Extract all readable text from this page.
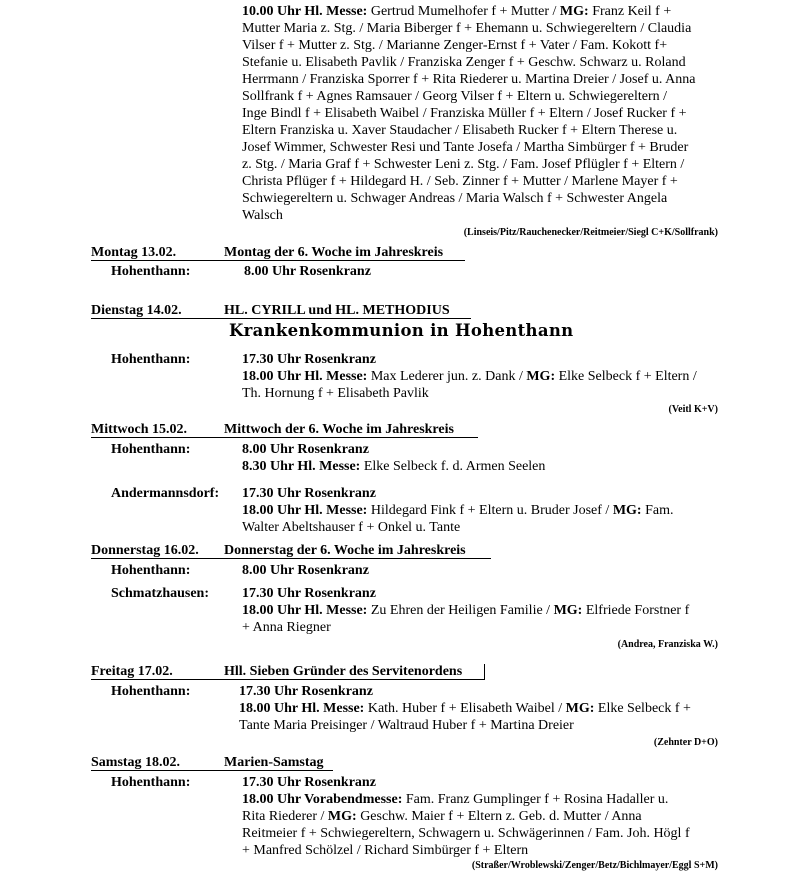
10.00 Uhr Hl. Messe: Gertrud Mumelhofer f + Mutter / MG: Franz Keil f +
Mutter Maria z. Stg. / Maria Biberger f + Ehemann u. Schwiegereltern / Claudia
Vilser f + Mutter z. Stg. / Marianne Zenger-Ernst f + Vater / Fam. Kokott f+
Stefanie u. Elisabeth Pavlik / Franziska Zenger f + Geschw. Schwarz u. Roland
Herrmann / Franziska Sporrer f + Rita Riederer u. Martina Dreier / Josef u. Anna
Sollfrank f + Agnes Ramsauer / Georg Vilser f + Eltern u. Schwiegereltern /
Inge Bindl f + Elisabeth Waibel / Franziska Müller f + Eltern / Josef Rucker f +
Eltern Franziska u. Xaver Staudacher / Elisabeth Rucker f + Eltern Therese u.
Josef Wimmer, Schwester Resi und Tante Josefa / Martha Simbürger f + Bruder
z. Stg. / Maria Graf f + Schwester Leni z. Stg. / Fam. Josef Pflügler f + Eltern /
Christa Pflüger f + Hildegard H. / Seb. Zinner f + Mutter / Marlene Mayer f +
Schwiegereltern u. Schwager Andreas / Maria Walsch f + Schwester Angela
Walsch
(Linseis/Pitz/Rauchenecker/Reitmeier/Siegl C+K/Sollfrank)
Montag 13.02.	Montag der 6. Woche im Jahreskreis
Hohenthann:	8.00 Uhr Rosenkranz
Dienstag 14.02.	HL. CYRILL und HL. METHODIUS
Krankenkommunion in Hohenthann
Hohenthann:	17.30 Uhr Rosenkranz
18.00 Uhr Hl. Messe: Max Lederer jun. z. Dank / MG: Elke Selbeck f + Eltern /
Th. Hornung f + Elisabeth Pavlik
(Veitl K+V)
Mittwoch 15.02.	Mittwoch der 6. Woche im Jahreskreis
Hohenthann:	8.00 Uhr Rosenkranz
8.30 Uhr Hl. Messe: Elke Selbeck f. d. Armen Seelen
Andermannsdorf: 17.30 Uhr Rosenkranz
18.00 Uhr Hl. Messe: Hildegard Fink f + Eltern u. Bruder Josef / MG: Fam.
Walter Abeltshauser f + Onkel u. Tante
Donnerstag 16.02. Donnerstag der 6. Woche im Jahreskreis
Hohenthann:	8.00 Uhr Rosenkranz
Schmatzhausen: 17.30 Uhr Rosenkranz
18.00 Uhr Hl. Messe: Zu Ehren der Heiligen Familie / MG: Elfriede Forstner f
+ Anna Riegner
(Andrea, Franziska W.)
Freitag 17.02.	Hll. Sieben Gründer des Servitenordens
Hohenthann:	17.30 Uhr Rosenkranz
18.00 Uhr Hl. Messe: Kath. Huber f + Elisabeth Waibel / MG: Elke Selbeck f +
Tante Maria Preisinger / Waltraud Huber f + Martina Dreier
(Zehnter D+O)
Samstag 18.02.	Marien-Samstag
Hohenthann:	17.30 Uhr Rosenkranz
18.00 Uhr Vorabendmesse: Fam. Franz Gumplinger f + Rosina Hadaller u.
Rita Riederer / MG: Geschw. Maier f + Eltern z. Geb. d. Mutter / Anna
Reitmeier f + Schwiegereltern, Schwagern u. Schwägerinnen / Fam. Joh. Högl f
+ Manfred Schölzel / Richard Simbürger f + Eltern
(Straßer/Wroblewski/Zenger/Betz/Bichlmayer/Eggl S+M)
